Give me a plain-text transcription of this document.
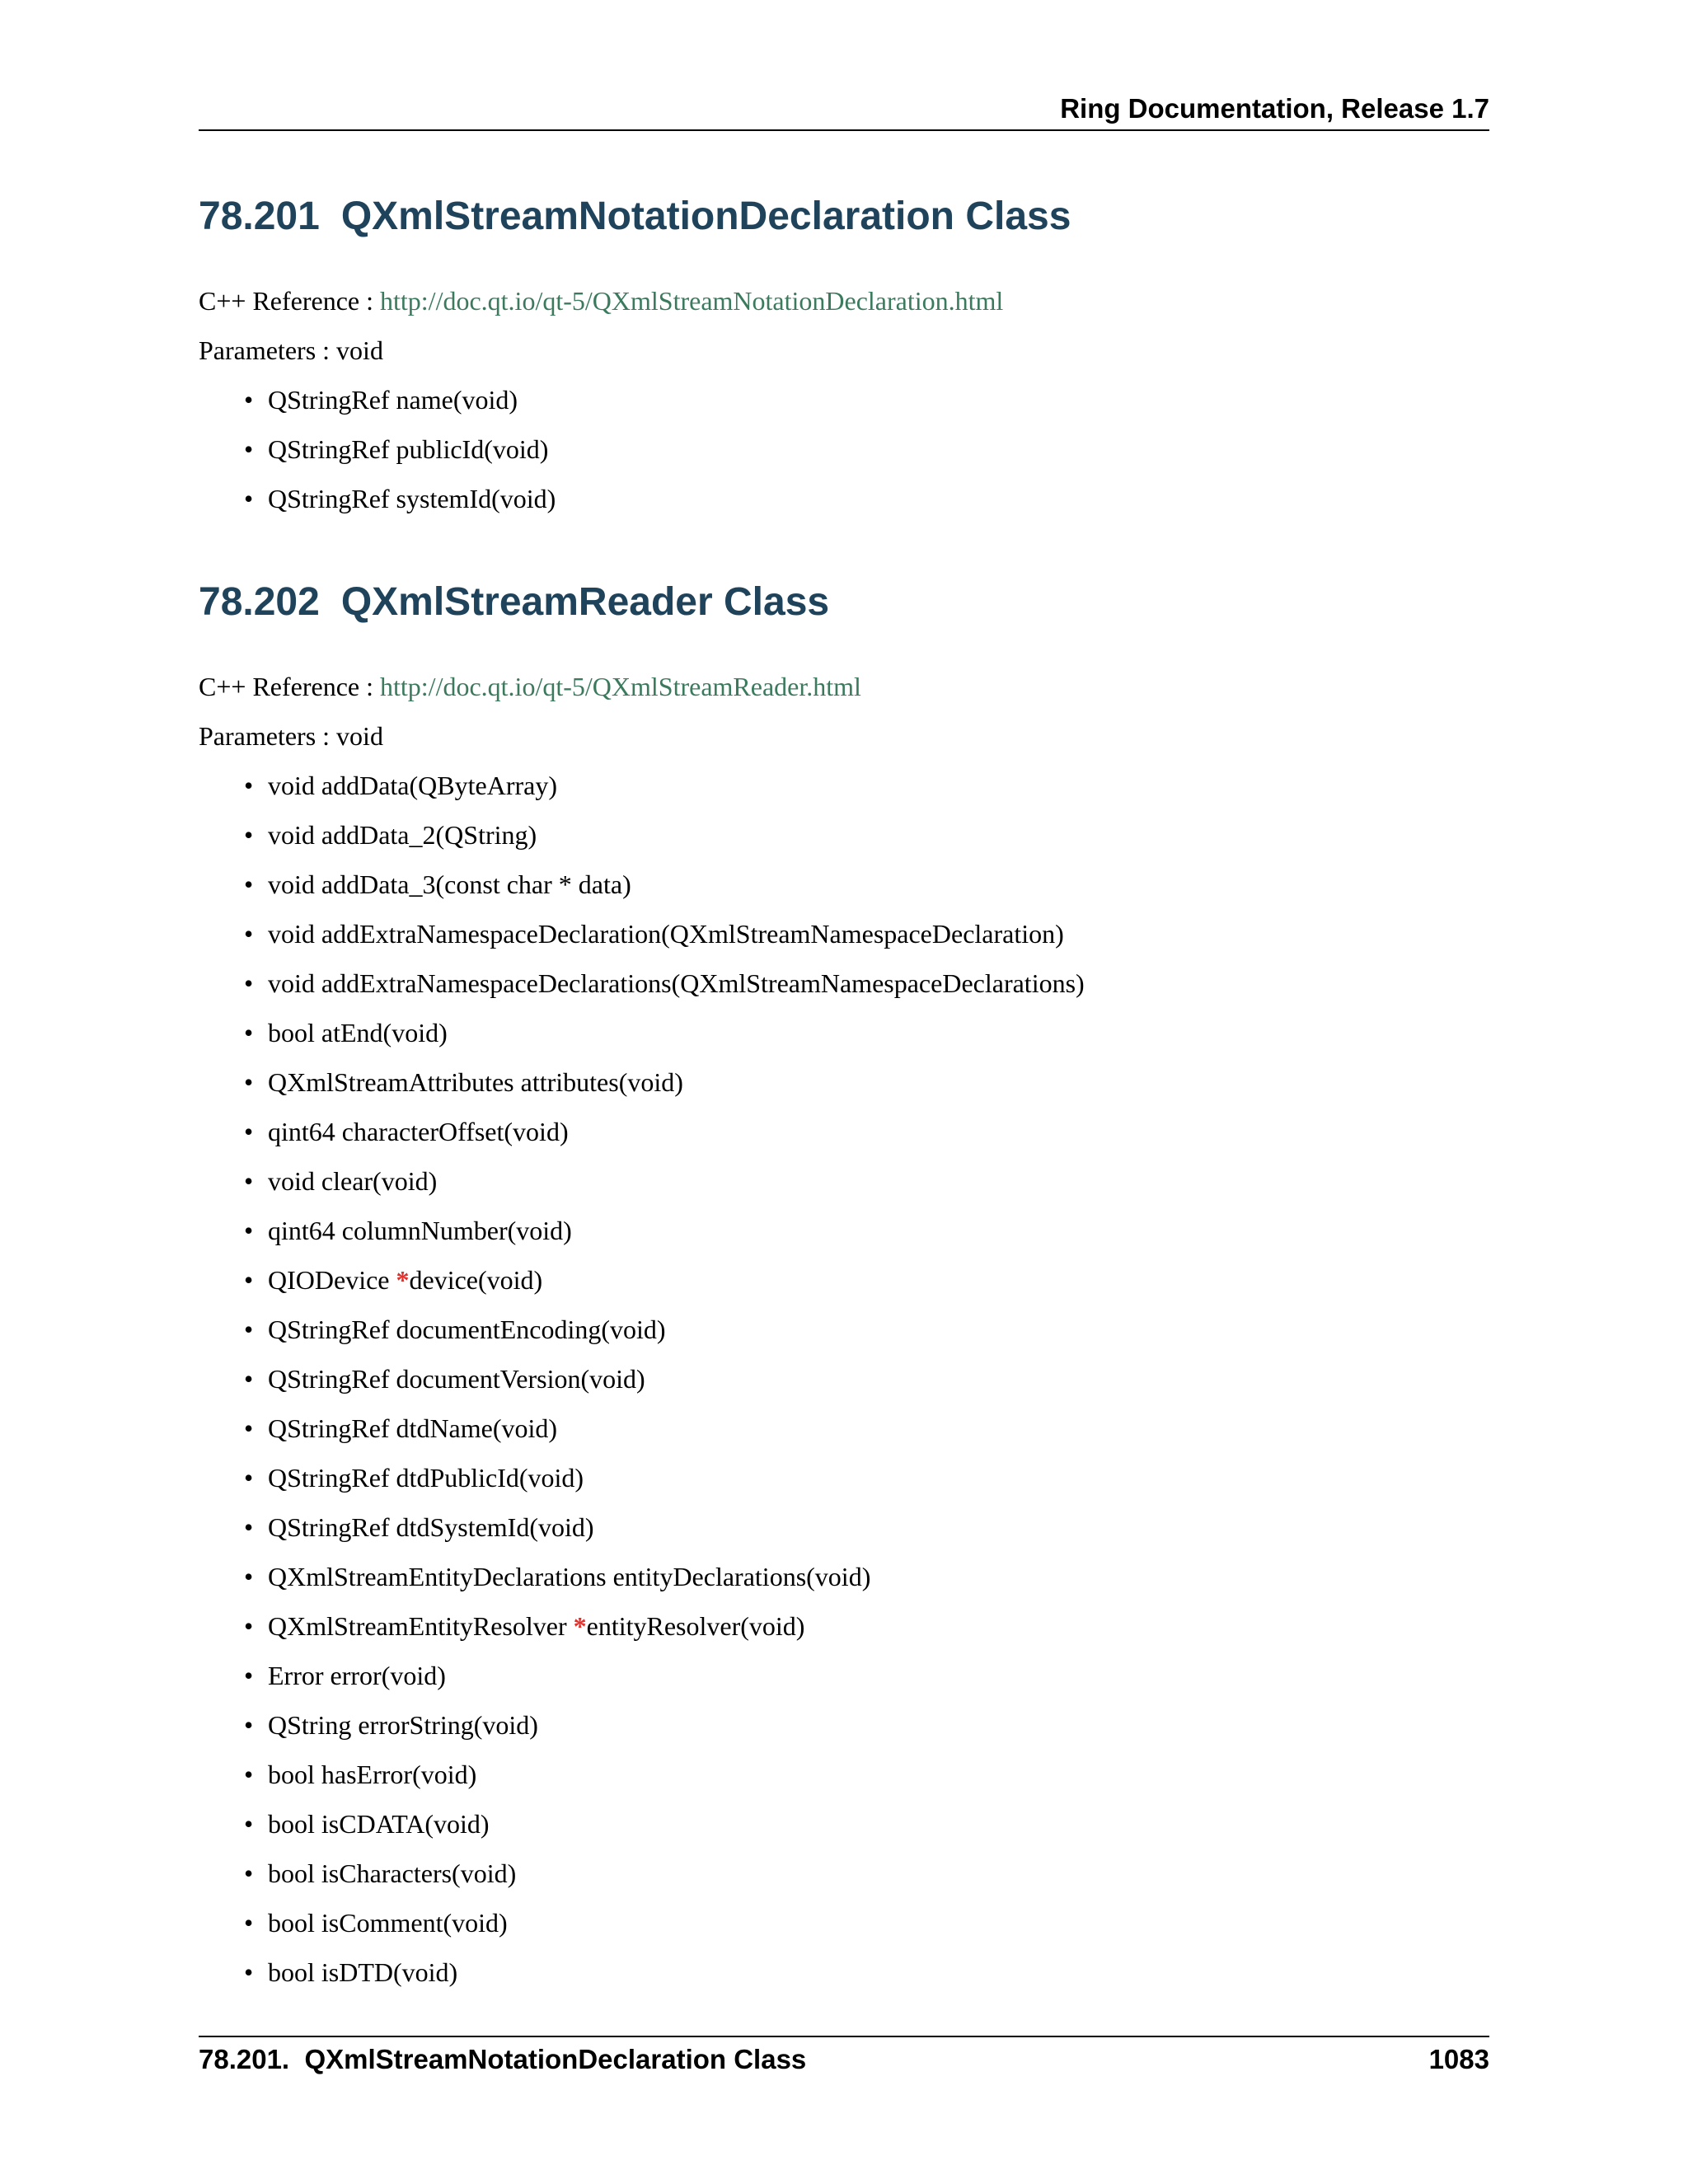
Ring Documentation, Release 1.7
78.201 QXmlStreamNotationDeclaration Class
C++ Reference : http://doc.qt.io/qt-5/QXmlStreamNotationDeclaration.html
Parameters : void
• QStringRef name(void)
• QStringRef publicId(void)
• QStringRef systemId(void)
78.202 QXmlStreamReader Class
C++ Reference : http://doc.qt.io/qt-5/QXmlStreamReader.html
Parameters : void
• void addData(QByteArray)
• void addData_2(QString)
• void addData_3(const char * data)
• void addExtraNamespaceDeclaration(QXmlStreamNamespaceDeclaration)
• void addExtraNamespaceDeclarations(QXmlStreamNamespaceDeclarations)
• bool atEnd(void)
• QXmlStreamAttributes attributes(void)
• qint64 characterOffset(void)
• void clear(void)
• qint64 columnNumber(void)
• QIODevice *device(void)
• QStringRef documentEncoding(void)
• QStringRef documentVersion(void)
• QStringRef dtdName(void)
• QStringRef dtdPublicId(void)
• QStringRef dtdSystemId(void)
• QXmlStreamEntityDeclarations entityDeclarations(void)
• QXmlStreamEntityResolver *entityResolver(void)
• Error error(void)
• QString errorString(void)
• bool hasError(void)
• bool isCDATA(void)
• bool isCharacters(void)
• bool isComment(void)
• bool isDTD(void)
78.201.  QXmlStreamNotationDeclaration Class	1083
